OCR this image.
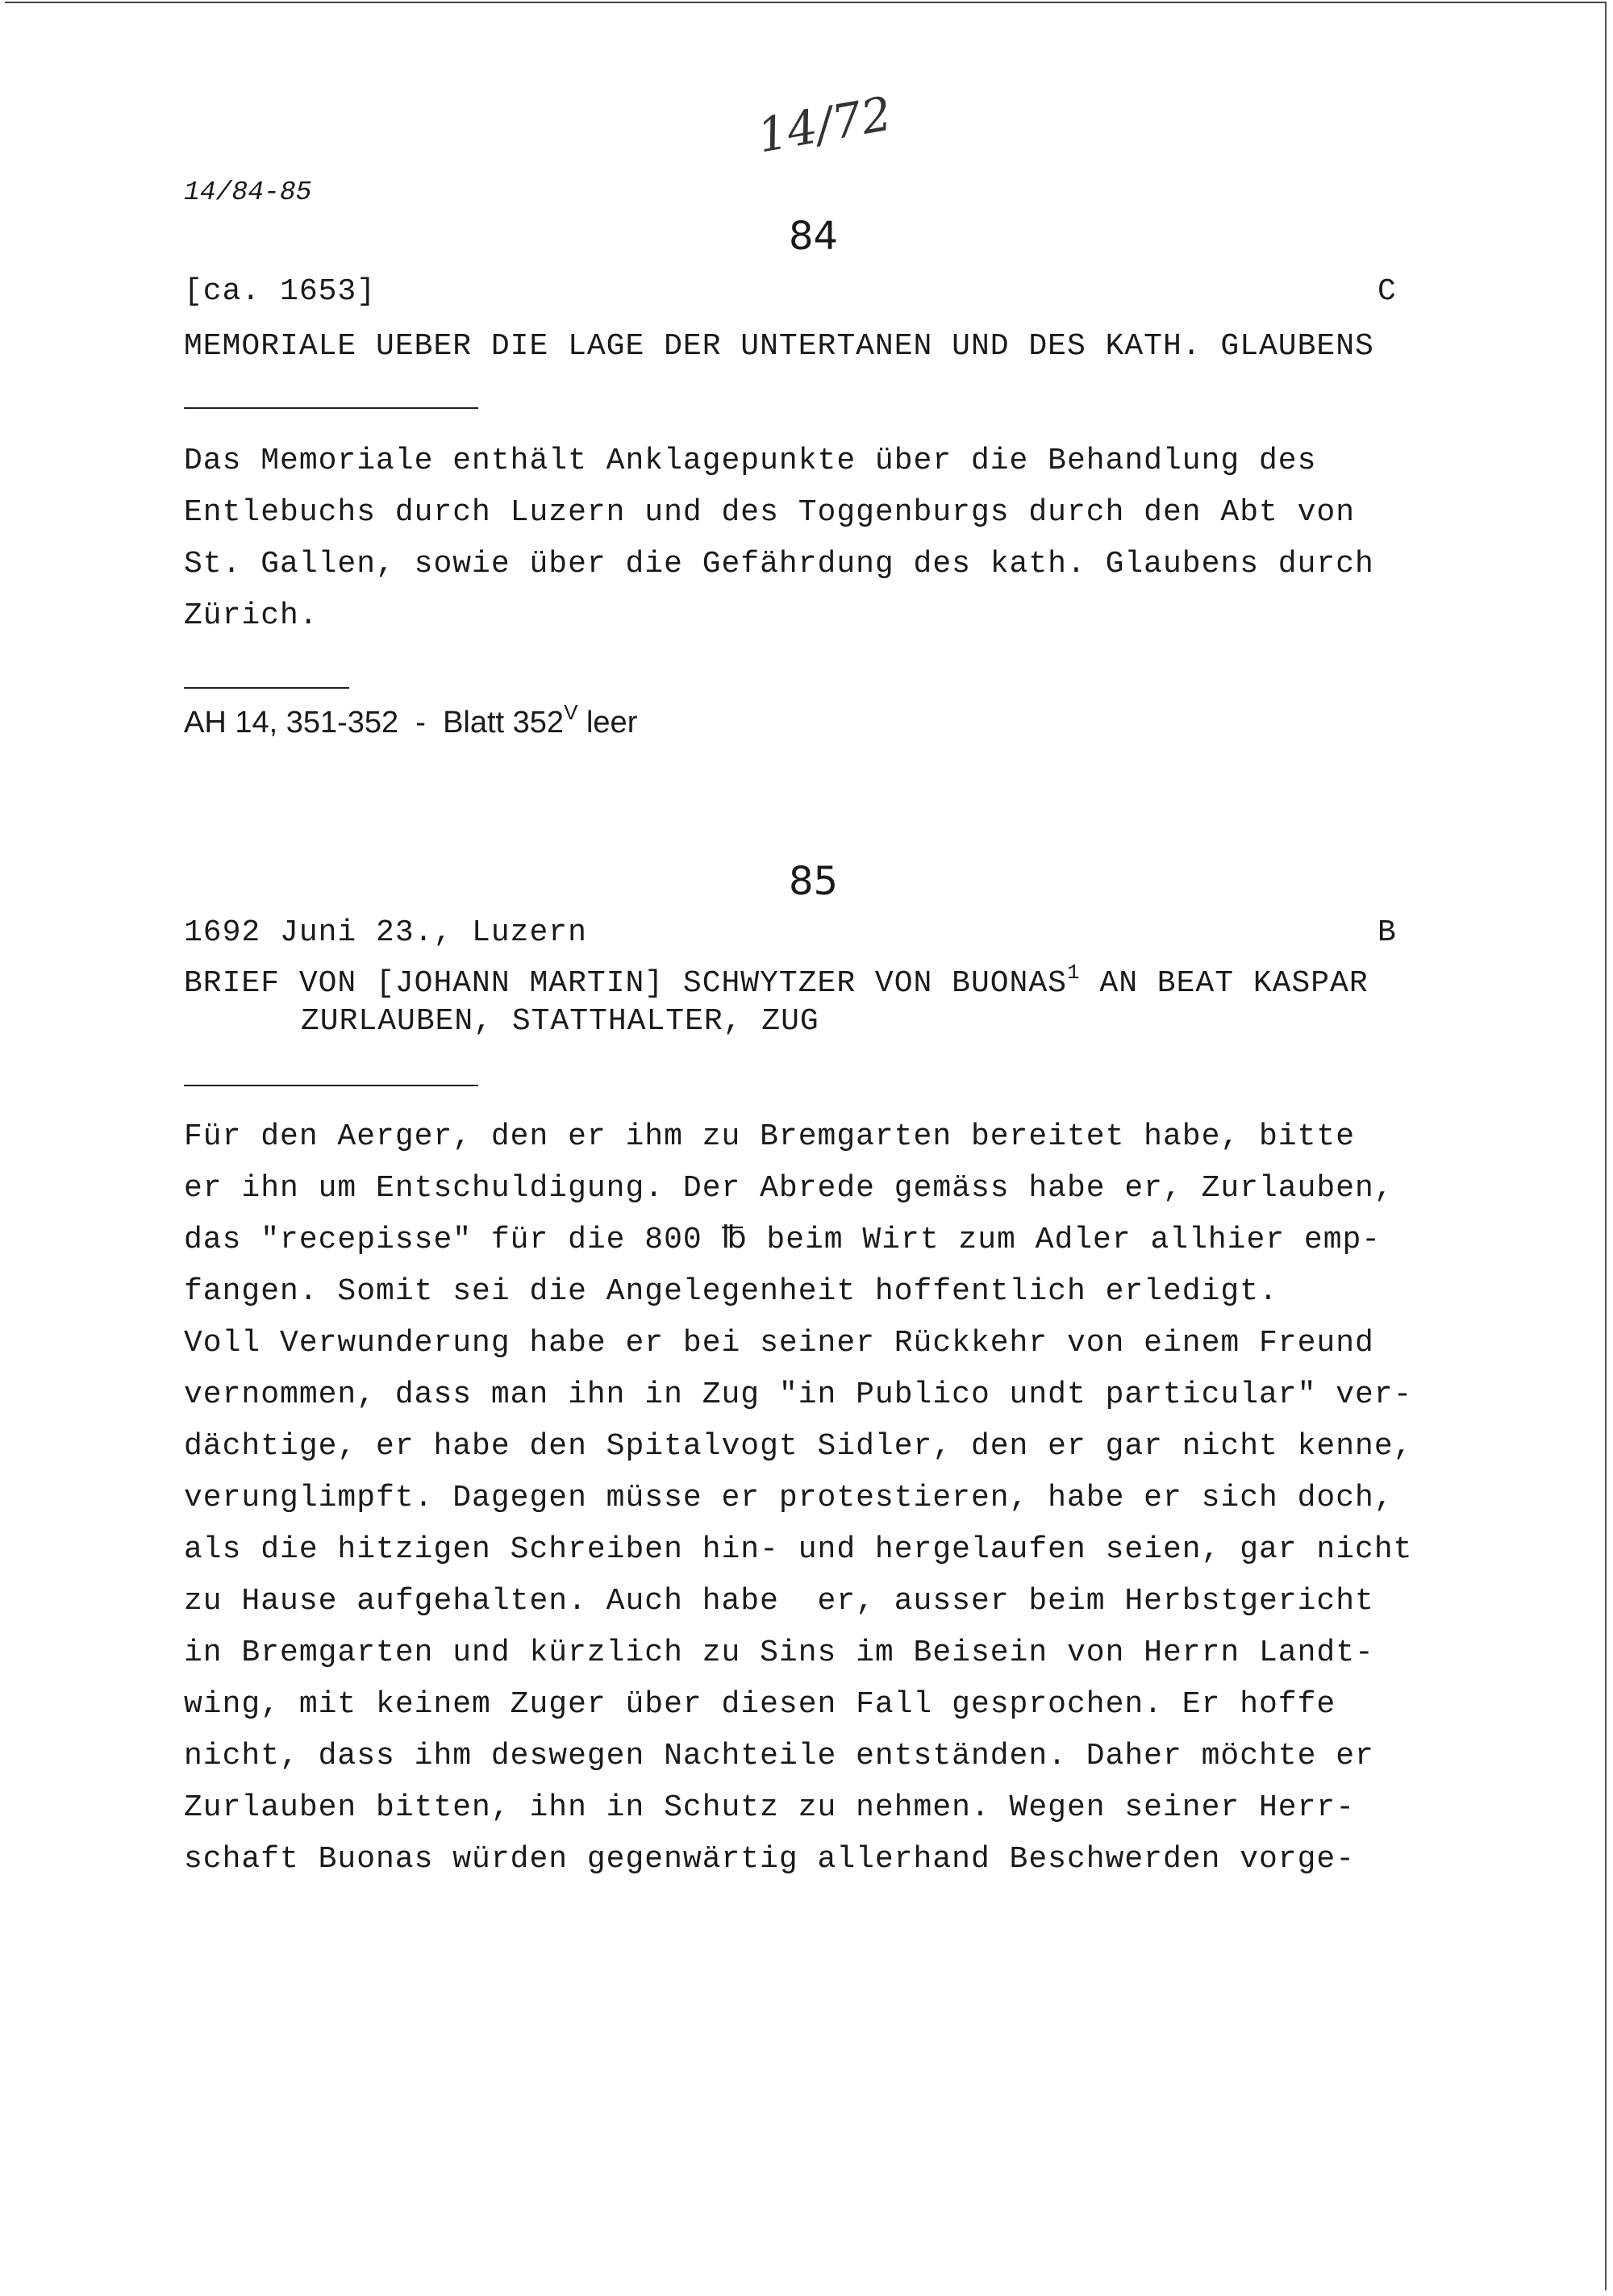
14/72
14/84-85
84
[ca. 1653]	C
MEMORIALE UEBER DIE LAGE DER UNTERTANEN UND DES KATH. GLAUBENS
Das Memoriale enthält Anklagepunkte über die Behandlung des
Entlebuchs durch Luzern und des Toggenburgs durch den Abt von
St. Gallen, sowie über die Gefährdung des kath. Glaubens durch
Zürich.
AH 14, 351-352  -  Blatt $352^V$ leer
85
1692 Juni 23., Luzern	B
BRIEF VON [JOHANN MARTIN] SCHWYTZER VON BUONAS$^1$ AN BEAT KASPAR
ZURLAUBEN, STATTHALTER, ZUG
Für den Aerger, den er ihm zu Bremgarten bereitet habe, bitte
er ihn um Entschuldigung. Der Abrede gemäss habe er, Zurlauben,
das "recepisse" für die 800 ℔ beim Wirt zum Adler allhier emp-
fangen. Somit sei die Angelegenheit hoffentlich erledigt.
Voll Verwunderung habe er bei seiner Rückkehr von einem Freund
vernommen, dass man ihn in Zug "in Publico undt particular" ver-
dächtige, er habe den Spitalvogt Sidler, den er gar nicht kenne,
verunglimpft. Dagegen müsse er protestieren, habe er sich doch,
als die hitzigen Schreiben hin- und hergelaufen seien, gar nicht
zu Hause aufgehalten. Auch habe  er, ausser beim Herbstgericht
in Bremgarten und kürzlich zu Sins im Beisein von Herrn Landt-
wing, mit keinem Zuger über diesen Fall gesprochen. Er hoffe
nicht, dass ihm deswegen Nachteile entständen. Daher möchte er
Zurlauben bitten, ihn in Schutz zu nehmen. Wegen seiner Herr-
schaft Buonas würden gegenwärtig allerhand Beschwerden vorge-
